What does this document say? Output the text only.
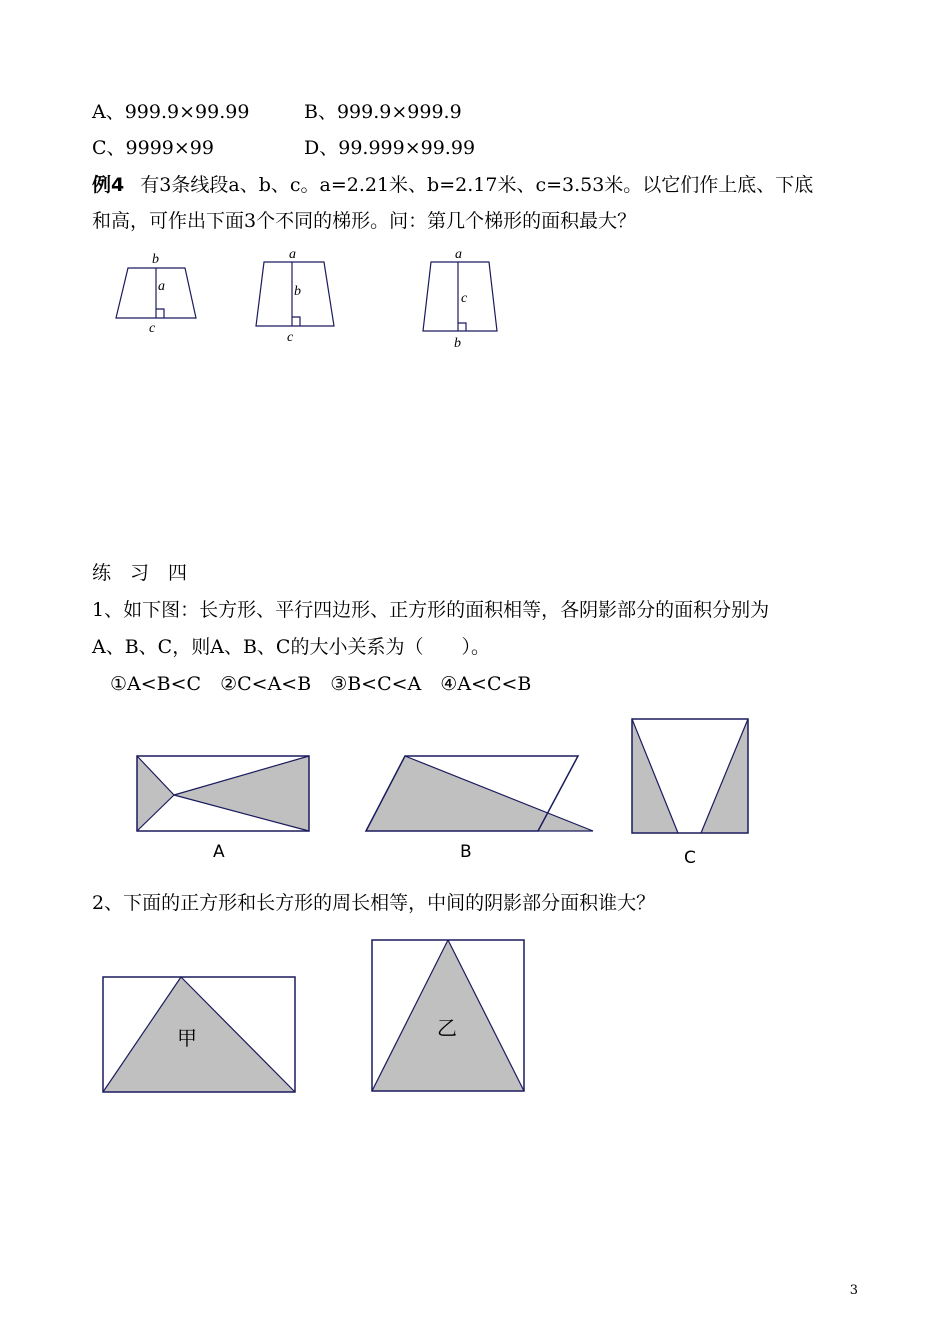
A、999.9×99.99	B、999.9×999.9
C、9999×99	D、99.999×99.99
例4 有3条线段a、b、c。a=2.21米、b=2.17米、c=3.53米。以它们作上底、下底
和高，可作出下面3个不同的梯形。问：第几个梯形的面积最大？
b
a
c
a
b
c
a
c
b
练　习　四
1、如下图：长方形、平行四边形、正方形的面积相等，各阴影部分的面积分别为
A、B、C，则A、B、C的大小关系为（　　）。
①A<B<C　②C<A<B　③B<C<A　④A<C<B
A	B	C
2、下面的正方形和长方形的周长相等，中间的阴影部分面积谁大？
甲	乙
3
